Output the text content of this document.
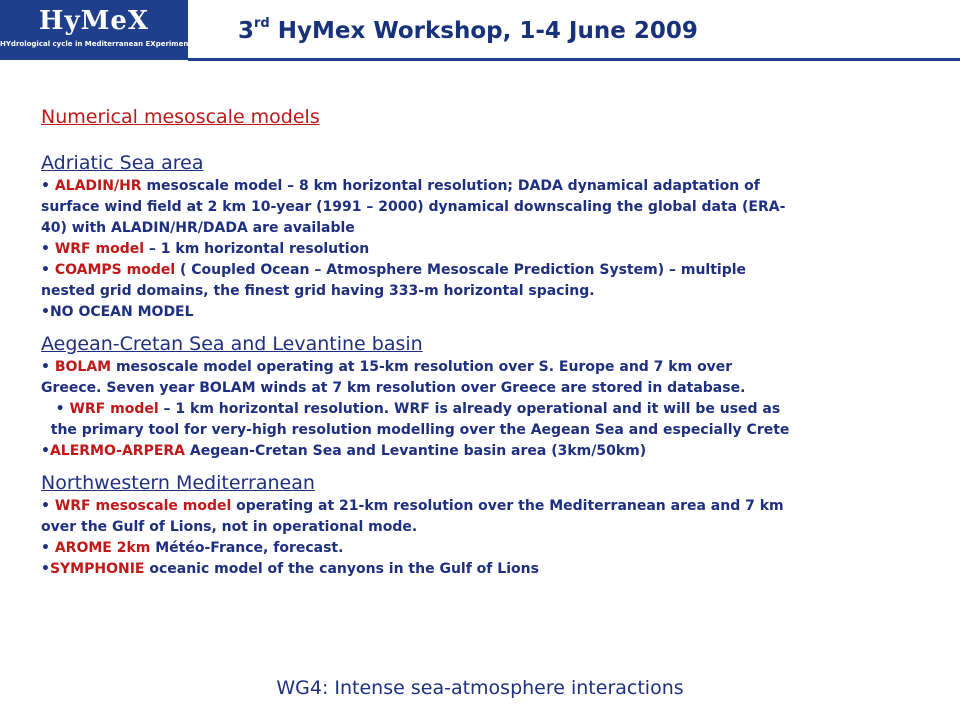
HyMeX
HYdrological cycle in Mediterranean EXperiment 3rd HyMex Workshop, 1-4 June 2009
Numerical mesoscale models
Adriatic Sea area
• ALADIN/HR mesoscale model – 8 km horizontal resolution; DADA dynamical adaptation of
surface wind field at 2 km 10-year (1991 – 2000) dynamical downscaling the global data (ERA-
40) with ALADIN/HR/DADA are available
• WRF model – 1 km horizontal resolution
• COAMPS model ( Coupled Ocean – Atmosphere Mesoscale Prediction System) – multiple
nested grid domains, the finest grid having 333-m horizontal spacing.
•NO OCEAN MODEL
Aegean-Cretan Sea and Levantine basin
• BOLAM mesoscale model operating at 15-km resolution over S. Europe and 7 km over
Greece. Seven year BOLAM winds at 7 km resolution over Greece are stored in database.
• WRF model – 1 km horizontal resolution. WRF is already operational and it will be used as
the primary tool for very-high resolution modelling over the Aegean Sea and especially Crete
•ALERMO-ARPERA Aegean-Cretan Sea and Levantine basin area (3km/50km)
Northwestern Mediterranean
• WRF mesoscale model operating at 21-km resolution over the Mediterranean area and 7 km
over the Gulf of Lions, not in operational mode.
• AROME 2km Météo-France, forecast.
•SYMPHONIE oceanic model of the canyons in the Gulf of Lions
WG4: Intense sea-atmosphere interactions
